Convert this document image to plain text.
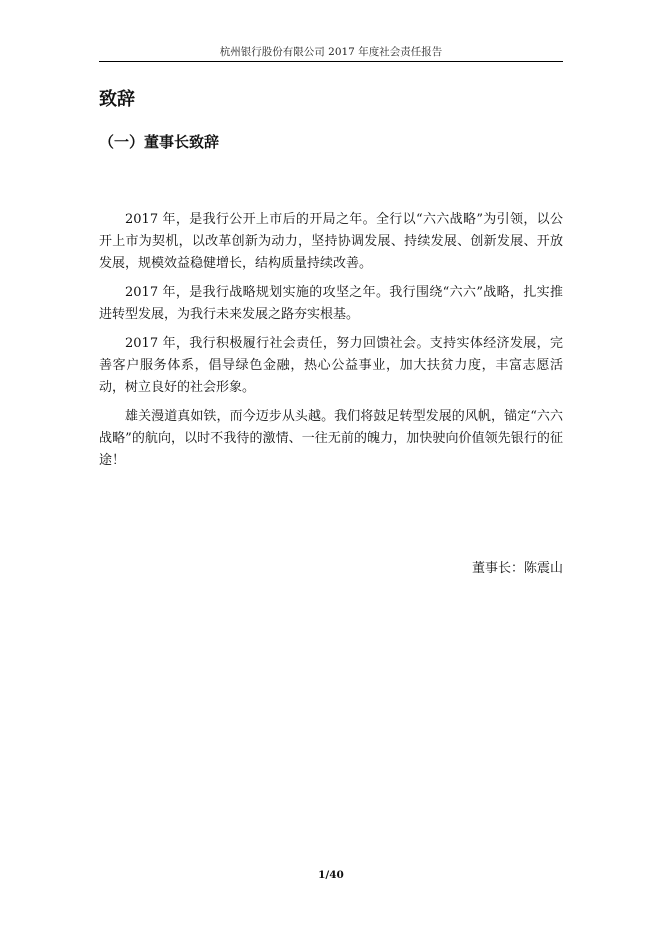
杭州银行股份有限公司 2017 年度社会责任报告
致辞
（一）董事长致辞

2017 年，是我行公开上市后的开局之年。全行以“六六战略”为引领，以公开上市为契机，以改革创新为动力，坚持协调发展、持续发展、创新发展、开放发展，规模效益稳健增长，结构质量持续改善。

2017 年，是我行战略规划实施的攻坚之年。我行围绕“六六”战略，扎实推进转型发展，为我行未来发展之路夯实根基。

2017 年，我行积极履行社会责任，努力回馈社会。支持实体经济发展，完善客户服务体系，倡导绿色金融，热心公益事业，加大扶贫力度，丰富志愿活动，树立良好的社会形象。

雄关漫道真如铁，而今迈步从头越。我们将鼓足转型发展的风帆，锚定“六六战略”的航向，以时不我待的激情、一往无前的魄力，加快驶向价值领先银行的征途！

董事长：陈震山
1/40
